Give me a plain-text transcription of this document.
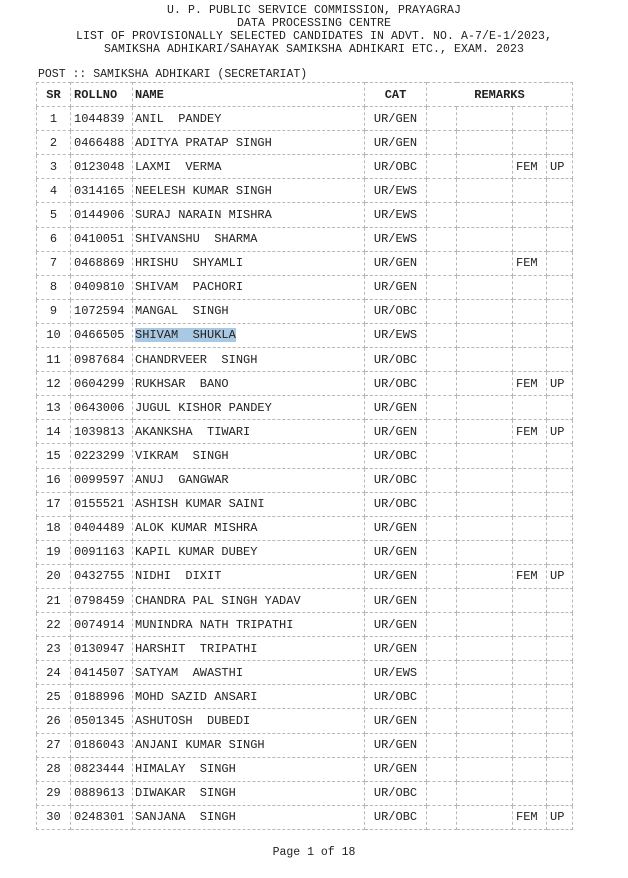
U. P. PUBLIC SERVICE COMMISSION, PRAYAGRAJ
DATA PROCESSING CENTRE
LIST OF PROVISIONALLY SELECTED CANDIDATES IN ADVT. NO. A-7/E-1/2023,
SAMIKSHA ADHIKARI/SAHAYAK SAMIKSHA ADHIKARI ETC., EXAM. 2023
POST :: SAMIKSHA ADHIKARI (SECRETARIAT)
SR	ROLLNO	NAME	CAT	REMARKS			
1	1044839	ANIL  PANDEY	UR/GEN				
2	0466488	ADITYA PRATAP SINGH	UR/GEN				
3	0123048	LAXMI  VERMA	UR/OBC			FEM	UP
4	0314165	NEELESH KUMAR SINGH	UR/EWS				
5	0144906	SURAJ NARAIN MISHRA	UR/EWS				
6	0410051	SHIVANSHU  SHARMA	UR/EWS				
7	0468869	HRISHU  SHYAMLI	UR/GEN			FEM	
8	0409810	SHIVAM  PACHORI	UR/GEN				
9	1072594	MANGAL  SINGH	UR/OBC				
10	0466505	SHIVAM  SHUKLA	UR/EWS				
11	0987684	CHANDRVEER  SINGH	UR/OBC				
12	0604299	RUKHSAR  BANO	UR/OBC			FEM	UP
13	0643006	JUGUL KISHOR PANDEY	UR/GEN				
14	1039813	AKANKSHA  TIWARI	UR/GEN			FEM	UP
15	0223299	VIKRAM  SINGH	UR/OBC				
16	0099597	ANUJ  GANGWAR	UR/OBC				
17	0155521	ASHISH KUMAR SAINI	UR/OBC				
18	0404489	ALOK KUMAR MISHRA	UR/GEN				
19	0091163	KAPIL KUMAR DUBEY	UR/GEN				
20	0432755	NIDHI  DIXIT	UR/GEN			FEM	UP
21	0798459	CHANDRA PAL SINGH YADAV	UR/GEN				
22	0074914	MUNINDRA NATH TRIPATHI	UR/GEN				
23	0130947	HARSHIT  TRIPATHI	UR/GEN				
24	0414507	SATYAM  AWASTHI	UR/EWS				
25	0188996	MOHD SAZID ANSARI	UR/OBC				
26	0501345	ASHUTOSH  DUBEDI	UR/GEN				
27	0186043	ANJANI KUMAR SINGH	UR/GEN				
28	0823444	HIMALAY  SINGH	UR/GEN				
29	0889613	DIWAKAR  SINGH	UR/OBC				
30	0248301	SANJANA  SINGH	UR/OBC			FEM	UP
Page 1 of 18
